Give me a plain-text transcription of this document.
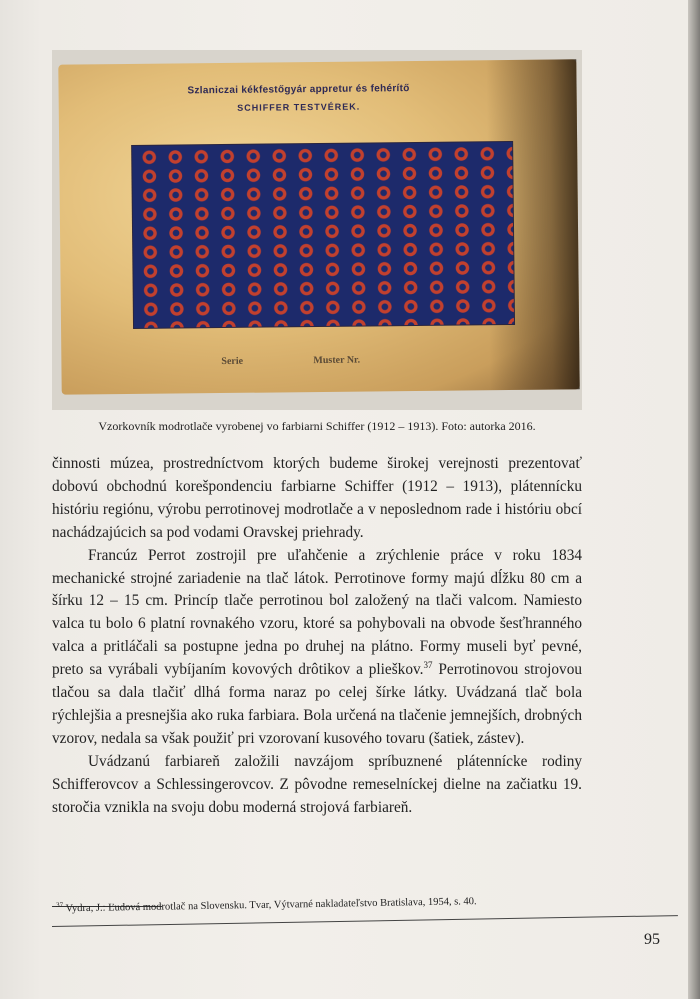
Szlaniczai kékfestőgyár appretur és fehérítő
SCHIFFER TESTVÉREK.
Serie	Muster Nr.
Vzorkovník modrotlače vyrobenej vo farbiarni Schiffer (1912 – 1913). Foto: autorka 2016.

činnosti múzea, prostredníctvom ktorých budeme širokej verejnosti prezentovať dobovú obchodnú korešpondenciu farbiarne Schiffer (1912 – 1913), plátennícku históriu regiónu, výrobu perrotinovej modrotlače a v neposlednom rade i históriu obcí nachádzajúcich sa pod vodami Oravskej priehrady.

Francúz Perrot zostrojil pre uľahčenie a zrýchlenie práce v roku 1834 mechanické strojné zariadenie na tlač látok. Perrotinove formy majú dĺžku 80 cm a šírku 12 – 15 cm. Princíp tlače perrotinou bol založený na tlači valcom. Namiesto valca tu bolo 6 platní rovnakého vzoru, ktoré sa pohybovali na obvode šesťhranného valca a pritláčali sa postupne jedna po druhej na plátno. Formy museli byť pevné, preto sa vyrábali vybíjaním kovových drôtikov a plieškov.$^{37}$ Perrotinovou strojovou tlačou sa dala tlačiť dlhá forma naraz po celej šírke látky. Uvádzaná tlač bola rýchlejšia a presnejšia ako ruka farbiara. Bola určená na tlačenie jemnejších, drobných vzorov, nedala sa však použiť pri vzorovaní kusového tovaru (šatiek, zástev).

Uvádzanú farbiareň založili navzájom spríbuznené plátennícke rodiny Schifferovcov a Schlessingerovcov. Z pôvodne remeselníckej dielne na začiatku 19. storočia vznikla na svoju dobu moderná strojová farbiareň.

$^{37}$ Vydra, J.: Ľudová modrotlač na Slovensku. Tvar, Výtvarné nakladateľstvo Bratislava, 1954, s. 40.
95
